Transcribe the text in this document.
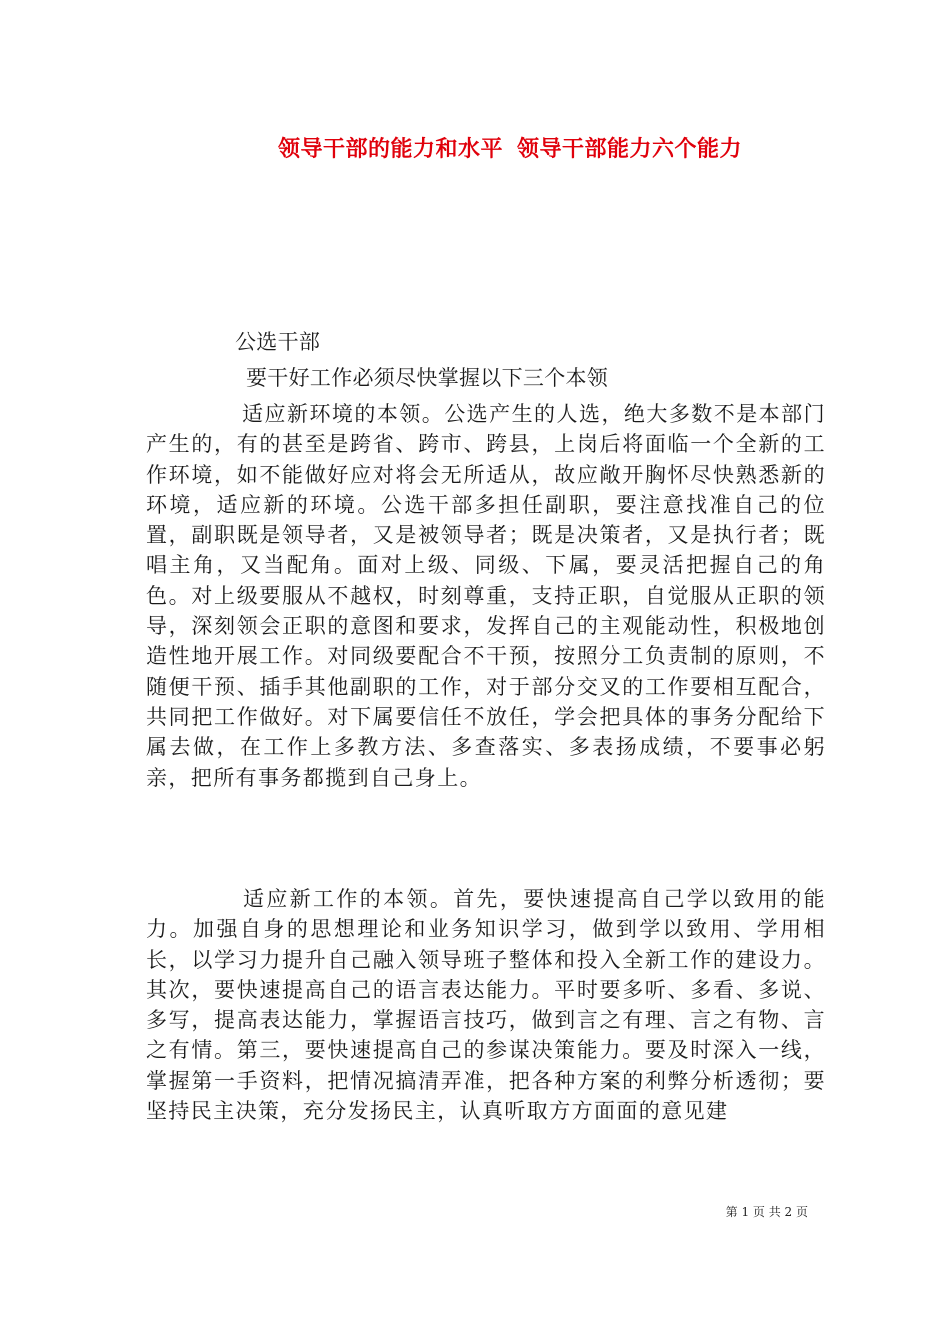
领导干部的能力和水平 领导干部能力六个能力
公选干部
要干好工作必须尽快掌握以下三个本领
适应新环境的本领。公选产生的人选，绝大多数不是本部门产生的，有的甚至是跨省、跨市、跨县，上岗后将面临一个全新的工作环境，如不能做好应对将会无所适从，故应敞开胸怀尽快熟悉新的环境，适应新的环境。公选干部多担任副职，要注意找准自己的位置，副职既是领导者，又是被领导者；既是决策者，又是执行者；既唱主角，又当配角。面对上级、同级、下属，要灵活把握自己的角色。对上级要服从不越权，时刻尊重，支持正职，自觉服从正职的领导，深刻领会正职的意图和要求，发挥自己的主观能动性，积极地创造性地开展工作。对同级要配合不干预，按照分工负责制的原则，不随便干预、插手其他副职的工作，对于部分交叉的工作要相互配合，共同把工作做好。对下属要信任不放任，学会把具体的事务分配给下属去做，在工作上多教方法、多查落实、多表扬成绩，不要事必躬亲，把所有事务都揽到自己身上。
适应新工作的本领。首先，要快速提高自己学以致用的能力。加强自身的思想理论和业务知识学习，做到学以致用、学用相长，以学习力提升自己融入领导班子整体和投入全新工作的建设力。其次，要快速提高自己的语言表达能力。平时要多听、多看、多说、多写，提高表达能力，掌握语言技巧，做到言之有理、言之有物、言之有情。第三，要快速提高自己的参谋决策能力。要及时深入一线，掌握第一手资料，把情况搞清弄准，把各种方案的利弊分析透彻；要坚持民主决策，充分发扬民主，认真听取方方面面的意见建
第 1 页 共 2 页
